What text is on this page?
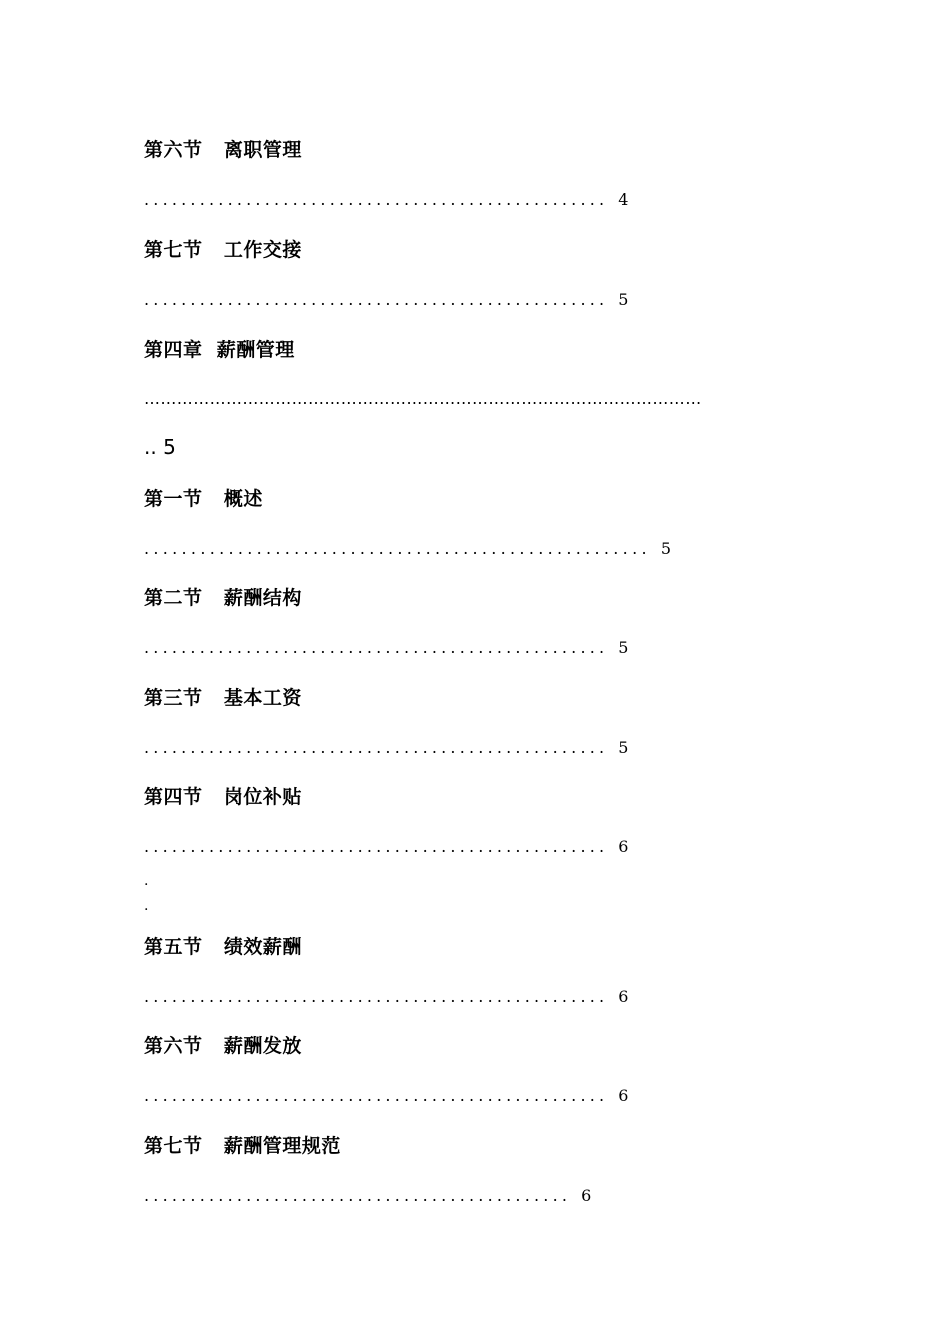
第六节   离职管理
.................................................. 4
第七节   工作交接
.................................................. 5
第四章  薪酬管理
…………………………………………………………………………………………
.. 5
第一节   概述
...................................................... 5
第二节   薪酬结构
.................................................. 5
第三节   基本工资
.................................................. 5
第四节   岗位补贴
.................................................. 6
.
.
第五节   绩效薪酬
.................................................. 6
第六节   薪酬发放
.................................................. 6
第七节   薪酬管理规范
.............................................. 6
